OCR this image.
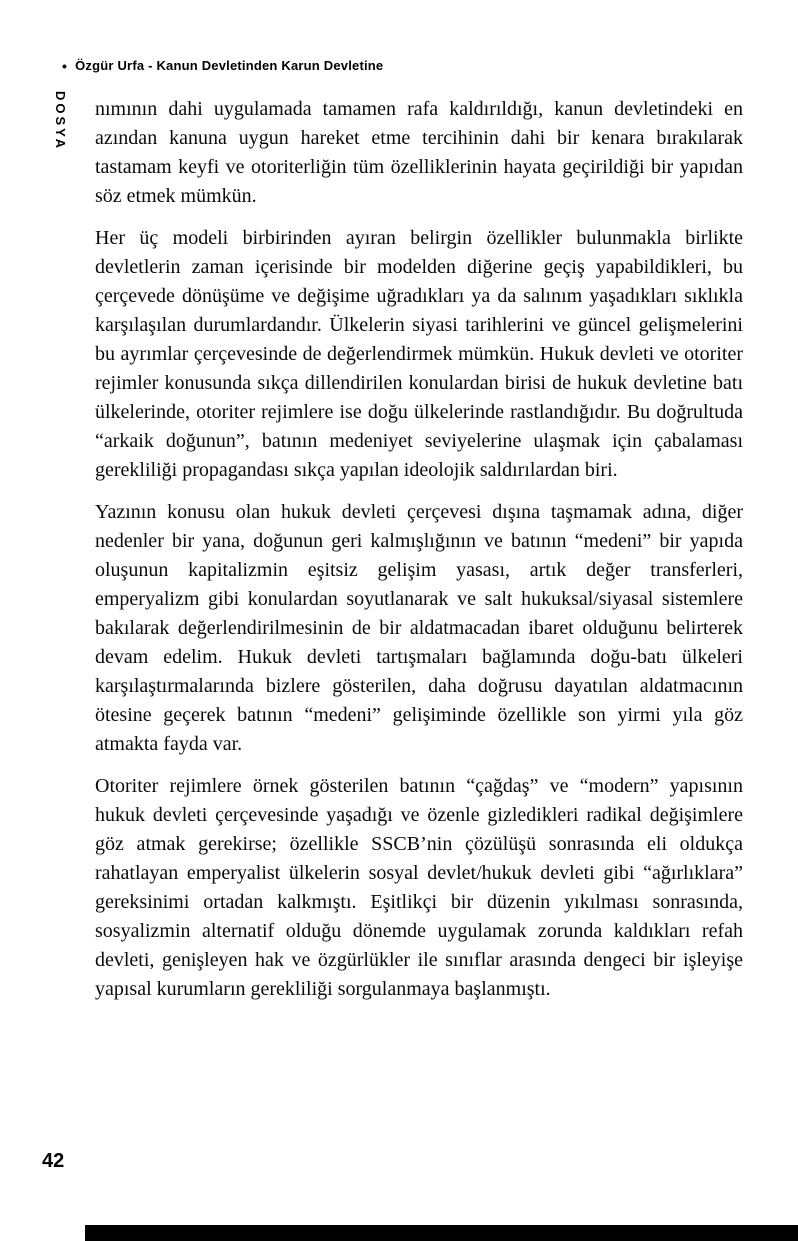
• Özgür Urfa - Kanun Devletinden Karun Devletine
DOSYA nımının dahi uygulamada tamamen rafa kaldırıldığı, kanun devletindeki en azından kanuna uygun hareket etme tercihinin dahi bir kenara bırakılarak tastamam keyfi ve otoriterliğin tüm özelliklerinin hayata geçirildiği bir yapıdan söz etmek mümkün.

Her üç modeli birbirinden ayıran belirgin özellikler bulunmakla birlikte devletlerin zaman içerisinde bir modelden diğerine geçiş yapabildikleri, bu çerçevede dönüşüme ve değişime uğradıkları ya da salınım yaşadıkları sıklıkla karşılaşılan durumlardandır. Ülkelerin siyasi tarihlerini ve güncel gelişmelerini bu ayrımlar çerçevesinde de değerlendirmek mümkün. Hukuk devleti ve otoriter rejimler konusunda sıkça dillendirilen konulardan birisi de hukuk devletine batı ülkelerinde, otoriter rejimlere ise doğu ülkelerinde rastlandığıdır. Bu doğrultuda “arkaik doğunun”, batının medeniyet seviyelerine ulaşmak için çabalaması gerekliliği propagandası sıkça yapılan ideolojik saldırılardan biri.

Yazının konusu olan hukuk devleti çerçevesi dışına taşmamak adına, diğer nedenler bir yana, doğunun geri kalmışlığının ve batının “medeni” bir yapıda oluşunun kapitalizmin eşitsiz gelişim yasası, artık değer transferleri, emperyalizm gibi konulardan soyutlanarak ve salt hukuksal/siyasal sistemlere bakılarak değerlendirilmesinin de bir aldatmacadan ibaret olduğunu belirterek devam edelim. Hukuk devleti tartışmaları bağlamında doğu-batı ülkeleri karşılaştırmalarında bizlere gösterilen, daha doğrusu dayatılan aldatmacının ötesine geçerek batının “medeni” gelişiminde özellikle son yirmi yıla göz atmakta fayda var.

Otoriter rejimlere örnek gösterilen batının “çağdaş” ve “modern” yapısının hukuk devleti çerçevesinde yaşadığı ve özenle gizledikleri radikal değişimlere göz atmak gerekirse; özellikle SSCB’nin çözülüşü sonrasında eli oldukça rahatlayan emperyalist ülkelerin sosyal devlet/hukuk devleti gibi “ağırlıklara” gereksinimi ortadan kalkmıştı. Eşitlikçi bir düzenin yıkılması sonrasında, sosyalizmin alternatif olduğu dönemde uygulamak zorunda kaldıkları refah devleti, genişleyen hak ve özgürlükler ile sınıflar arasında dengeci bir işleyişe yapısal kurumların gerekliliği sorgulanmaya başlanmıştı.

42
